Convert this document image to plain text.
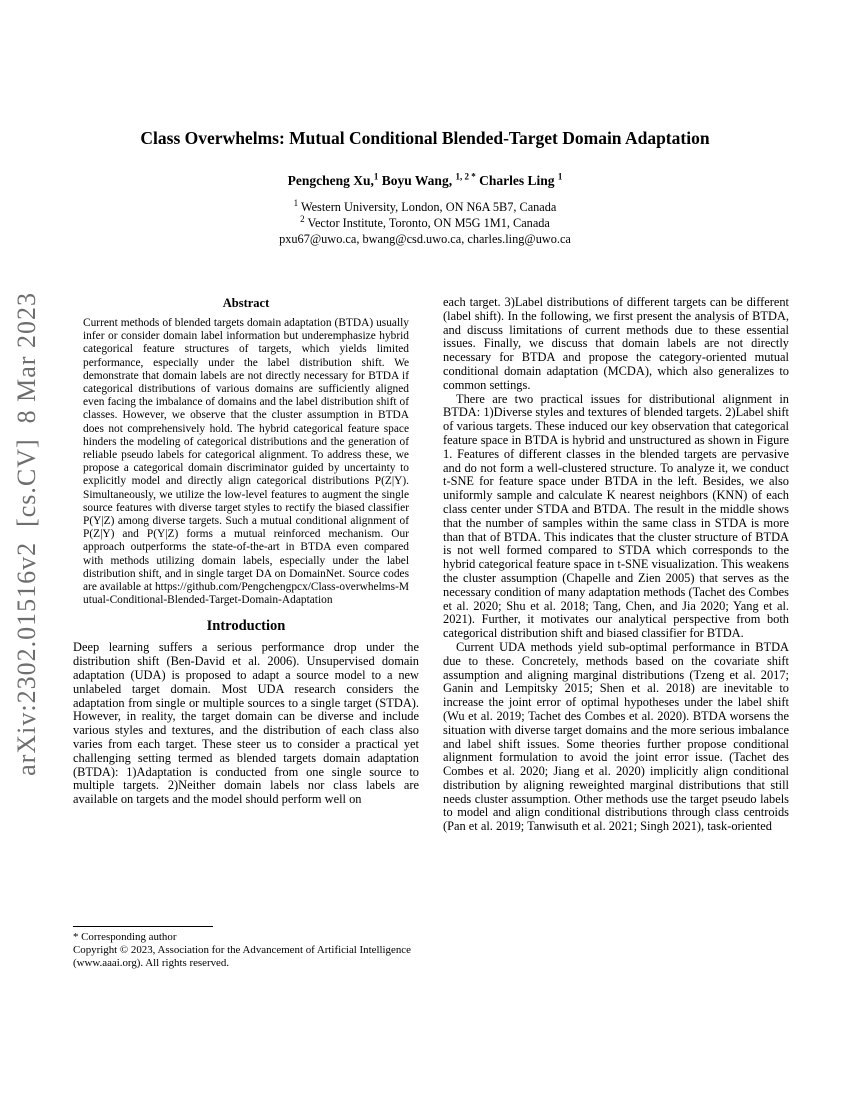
arXiv:2302.01516v2  [cs.CV]  8 Mar 2023
Class Overwhelms: Mutual Conditional Blended-Target Domain Adaptation
Pengcheng Xu,$^1$ Boyu Wang, $^{1, 2 *}$ Charles Ling $^1$
$^1$ Western University, London, ON N6A 5B7, Canada
$^2$ Vector Institute, Toronto, ON M5G 1M1, Canada
pxu67@uwo.ca, bwang@csd.uwo.ca, charles.ling@uwo.ca
Abstract

Current methods of blended targets domain adaptation (BTDA) usually infer or consider domain label information but underemphasize hybrid categorical feature structures of targets, which yields limited performance, especially under the label distribution shift. We demonstrate that domain labels are not directly necessary for BTDA if categorical distributions of various domains are sufficiently aligned even facing the imbalance of domains and the label distribution shift of classes. However, we observe that the cluster assumption in BTDA does not comprehensively hold. The hybrid categorical feature space hinders the modeling of categorical distributions and the generation of reliable pseudo labels for categorical alignment. To address these, we propose a categorical domain discriminator guided by uncertainty to explicitly model and directly align categorical distributions P(Z|Y). Simultaneously, we utilize the low-level features to augment the single source features with diverse target styles to rectify the biased classifier P(Y|Z) among diverse targets. Such a mutual conditional alignment of P(Z|Y) and P(Y|Z) forms a mutual reinforced mechanism. Our approach outperforms the state-of-the-art in BTDA even compared with methods utilizing domain labels, especially under the label distribution shift, and in single target DA on DomainNet. Source codes are available at https://github.com/Pengchengpcx/Class-overwhelms-Mutual-Conditional-Blended-Target-Domain-Adaptation

Introduction

Deep learning suffers a serious performance drop under the distribution shift (Ben-David et al. 2006). Unsupervised domain adaptation (UDA) is proposed to adapt a source model to a new unlabeled target domain. Most UDA research considers the adaptation from single or multiple sources to a single target (STDA). However, in reality, the target domain can be diverse and include various styles and textures, and the distribution of each class also varies from each target. These steer us to consider a practical yet challenging setting termed as blended targets domain adaptation (BTDA): 1)Adaptation is conducted from one single source to multiple targets. 2)Neither domain labels nor class labels are available on targets and the model should perform well on

each target. 3)Label distributions of different targets can be different (label shift). In the following, we first present the analysis of BTDA, and discuss limitations of current methods due to these essential issues. Finally, we discuss that domain labels are not directly necessary for BTDA and propose the category-oriented mutual conditional domain adaptation (MCDA), which also generalizes to common settings.

There are two practical issues for distributional alignment in BTDA: 1)Diverse styles and textures of blended targets. 2)Label shift of various targets. These induced our key observation that categorical feature space in BTDA is hybrid and unstructured as shown in Figure 1. Features of different classes in the blended targets are pervasive and do not form a well-clustered structure. To analyze it, we conduct t-SNE for feature space under BTDA in the left. Besides, we also uniformly sample and calculate K nearest neighbors (KNN) of each class center under STDA and BTDA. The result in the middle shows that the number of samples within the same class in STDA is more than that of BTDA. This indicates that the cluster structure of BTDA is not well formed compared to STDA which corresponds to the hybrid categorical feature space in t-SNE visualization. This weakens the cluster assumption (Chapelle and Zien 2005) that serves as the necessary condition of many adaptation methods (Tachet des Combes et al. 2020; Shu et al. 2018; Tang, Chen, and Jia 2020; Yang et al. 2021). Further, it motivates our analytical perspective from both categorical distribution shift and biased classifier for BTDA.

Current UDA methods yield sub-optimal performance in BTDA due to these. Concretely, methods based on the covariate shift assumption and aligning marginal distributions (Tzeng et al. 2017; Ganin and Lempitsky 2015; Shen et al. 2018) are inevitable to increase the joint error of optimal hypotheses under the label shift (Wu et al. 2019; Tachet des Combes et al. 2020). BTDA worsens the situation with diverse target domains and the more serious imbalance and label shift issues. Some theories further propose conditional alignment formulation to avoid the joint error issue. (Tachet des Combes et al. 2020; Jiang et al. 2020) implicitly align conditional distribution by aligning reweighted marginal distributions that still needs cluster assumption. Other methods use the target pseudo labels to model and align conditional distributions through class centroids (Pan et al. 2019; Tanwisuth et al. 2021; Singh 2021), task-oriented

* Corresponding author
Copyright © 2023, Association for the Advancement of Artificial Intelligence (www.aaai.org). All rights reserved.
